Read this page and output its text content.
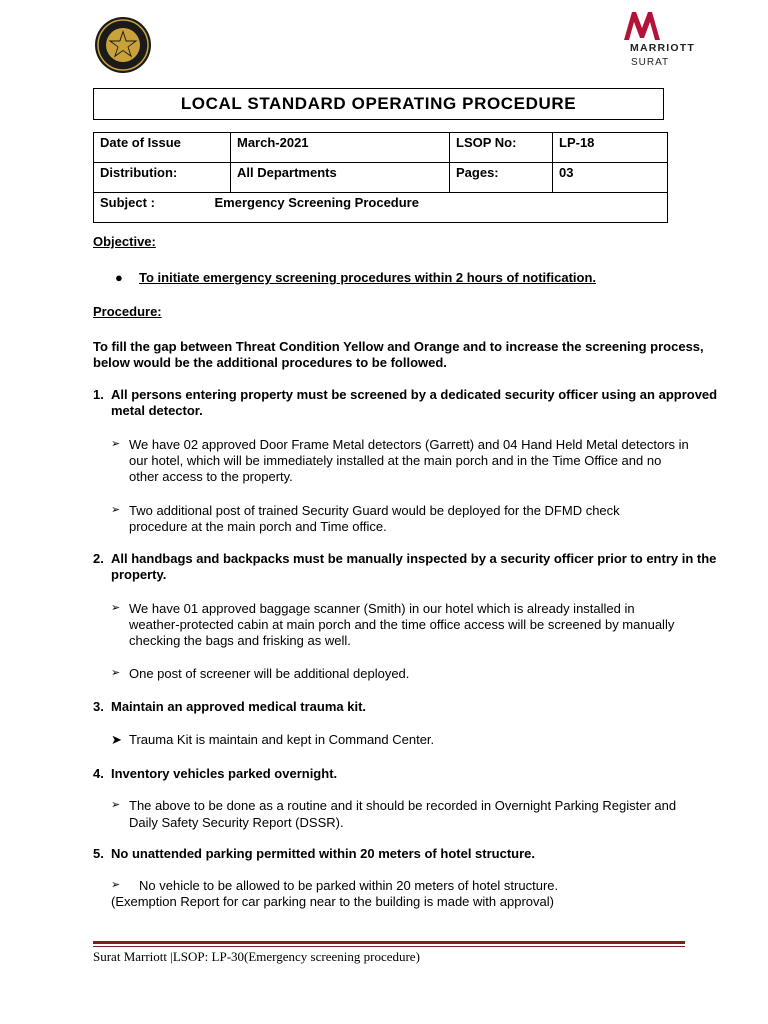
MARRIOTT
SURAT
LOCAL STANDARD OPERATING PROCEDURE
Date of Issue	March-2021	LSOP No:	LP-18
Distribution:	All Departments	Pages:	03
Subject : Emergency Screening Procedure			
Objective:
● To initiate emergency screening procedures within 2 hours of notification.
Procedure:
To fill the gap between Threat Condition Yellow and Orange and to increase the screening process,
below would be the additional procedures to be followed.
1. All persons entering property must be screened by a dedicated security officer using an approved
metal detector.
➢ We have 02 approved Door Frame Metal detectors (Garrett) and 04 Hand Held Metal detectors in
our hotel, which will be immediately installed at the main porch and in the Time Office and no
other access to the property.
➢ Two additional post of trained Security Guard would be deployed for the DFMD check
procedure at the main porch and Time office.
2. All handbags and backpacks must be manually inspected by a security officer prior to entry in the
property.
➢ We have 01 approved baggage scanner (Smith) in our hotel which is already installed in
weather-protected cabin at main porch and the time office access will be screened by manually
checking the bags and frisking as well.
➢ One post of screener will be additional deployed.
3. Maintain an approved medical trauma kit.
➤ Trauma Kit is maintain and kept in Command Center.
4. Inventory vehicles parked overnight.
➢ The above to be done as a routine and it should be recorded in Overnight Parking Register and
Daily Safety Security Report (DSSR).
5. No unattended parking permitted within 20 meters of hotel structure.
➢ No vehicle to be allowed to be parked within 20 meters of hotel structure.
(Exemption Report for car parking near to the building is made with approval)
Surat Marriott |LSOP: LP-30(Emergency screening procedure)
